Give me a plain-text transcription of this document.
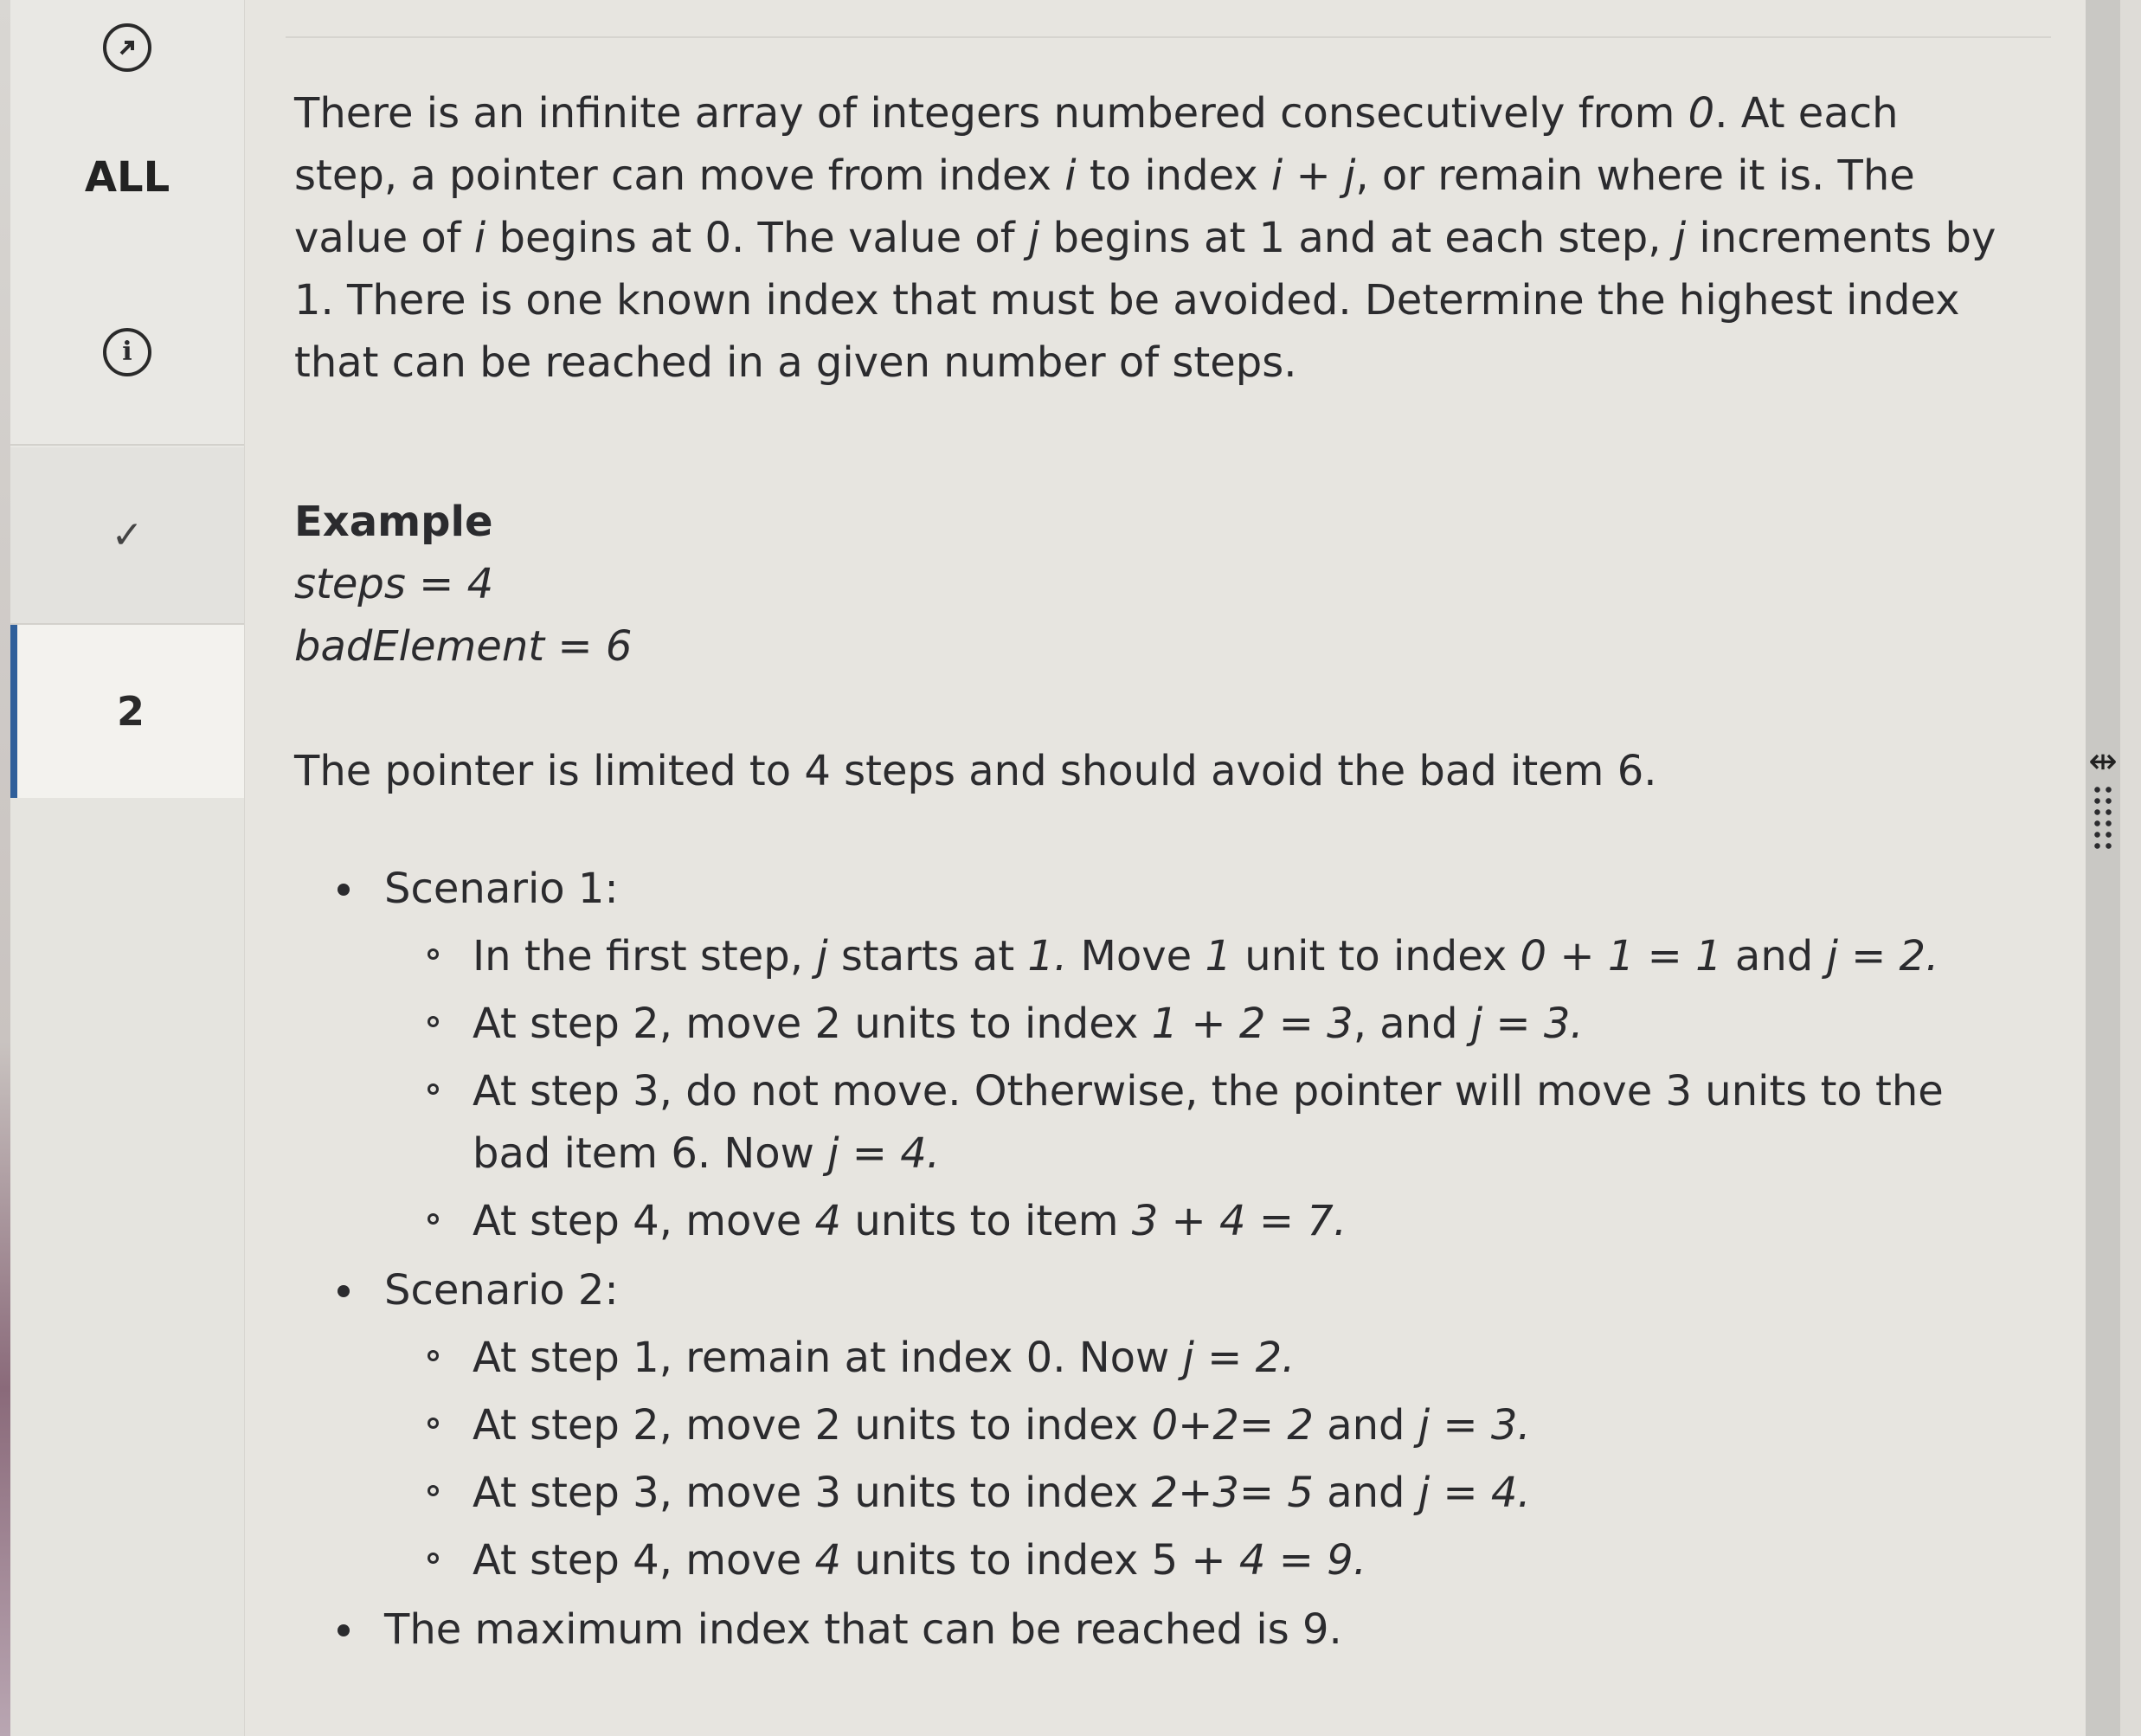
ALL
i
✓
2

There is an infinite array of integers numbered consecutively from 0. At each step, a pointer can move from index i to index i + j, or remain where it is. The value of i begins at 0. The value of j begins at 1 and at each step, j increments by 1. There is one known index that must be avoided. Determine the highest index that can be reached in a given number of steps.

Example

steps = 4

badElement = 6

The pointer is limited to 4 steps and should avoid the bad item 6.

Scenario 1:
In the first step, j starts at 1. Move 1 unit to index 0 + 1 = 1 and j = 2.
At step 2, move 2 units to index 1 + 2 = 3, and j = 3.
At step 3, do not move. Otherwise, the pointer will move 3 units to the bad item 6. Now j = 4.
At step 4, move 4 units to item 3 + 4 = 7.
Scenario 2:
At step 1, remain at index 0. Now j = 2.
At step 2, move 2 units to index 0+2= 2 and j = 3.
At step 3, move 3 units to index 2+3= 5 and j = 4.
At step 4, move 4 units to index 5 + 4 = 9.
The maximum index that can be reached is 9.
⇹
